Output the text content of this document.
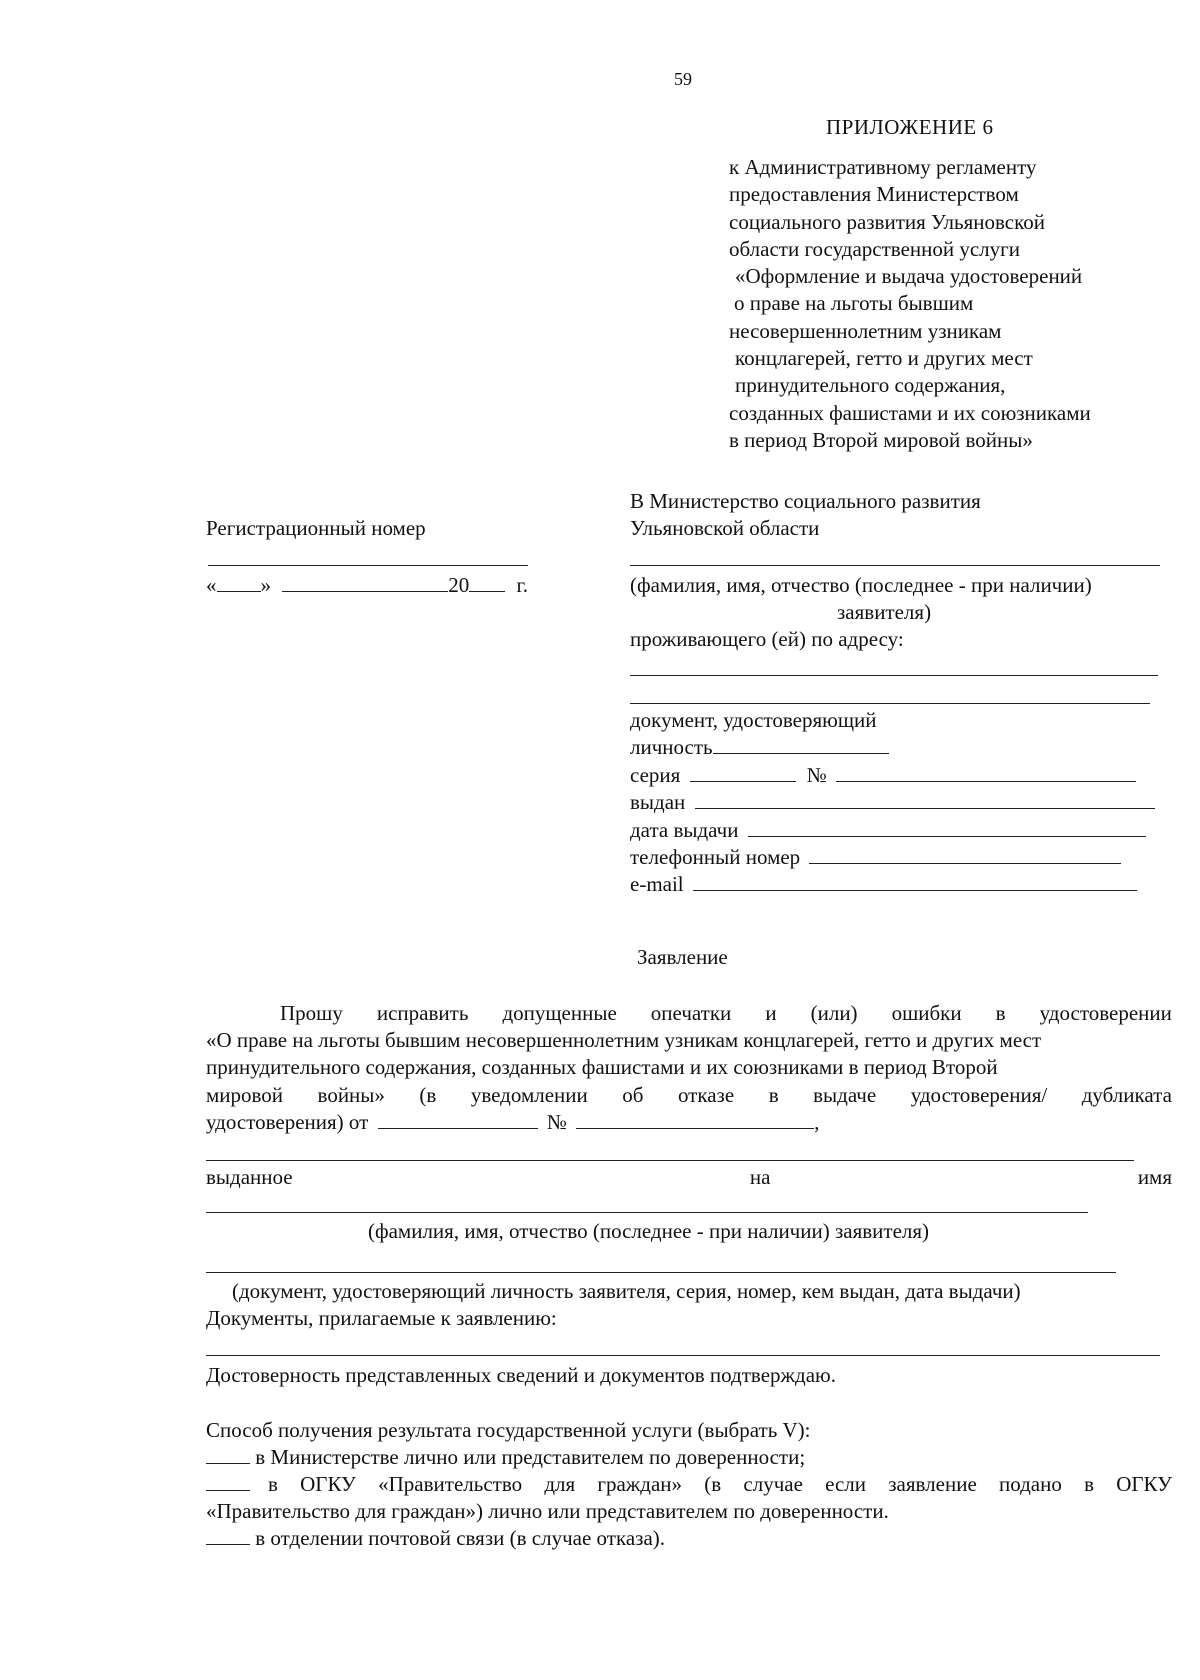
59
ПРИЛОЖЕНИЕ 6
к Административному регламенту
предоставления Министерством
социального развития Ульяновской
области государственной услуги
«Оформление и выдача удостоверений
о праве на льготы бывшим
несовершеннолетним узникам
концлагерей, гетто и других мест
принудительного содержания,
созданных фашистами и их союзниками
в период Второй мировой войны»
В Министерство социального развития
Ульяновской области
Регистрационный номер
« »	20 г.	(фамилия, имя, отчество (последнее - при наличии)
заявителя)
проживающего (ей) по адресу:
документ, удостоверяющий
личность
серия	№
выдан
дата выдачи
телефонный номер
e-mail
Заявление
Прошу исправить допущенные опечатки и (или) ошибки в удостоверении
«О праве на льготы бывшим несовершеннолетним узникам концлагерей, гетто и других мест
принудительного содержания, созданных фашистами и их союзниками в период Второй
мировой войны» (в уведомлении об отказе в выдаче удостоверения/ дубликата
удостоверения) от	№	,
выданное	на	имя
(фамилия, имя, отчество (последнее - при наличии) заявителя)
(документ, удостоверяющий личность заявителя, серия, номер, кем выдан, дата выдачи)
Документы, прилагаемые к заявлению:
Достоверность представленных сведений и документов подтверждаю.
Способ получения результата государственной услуги (выбрать V):
в Министерстве лично или представителем по доверенности;
в ОГКУ «Правительство для граждан» (в случае если заявление подано в ОГКУ
«Правительство для граждан») лично или представителем по доверенности.
в отделении почтовой связи (в случае отказа).
